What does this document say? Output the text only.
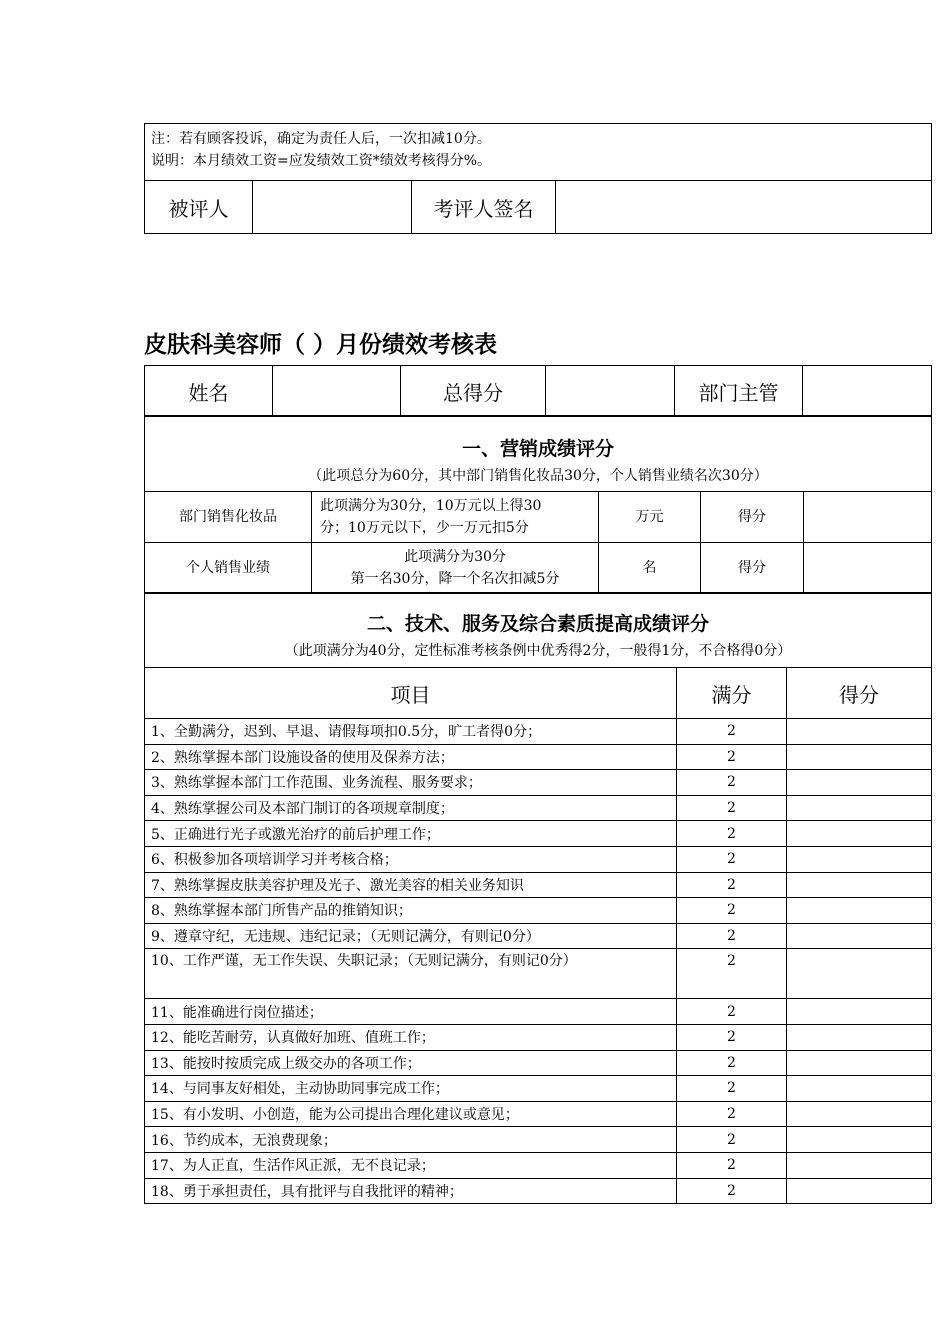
注：若有顾客投诉，确定为责任人后，一次扣减10分。
说明：本月绩效工资=应发绩效工资*绩效考核得分%。

被评人		考评人签名	
皮肤科美容师（ ）月份绩效考核表
姓名		总得分		部门主管	
一、营销成绩评分
（此项总分为60分，其中部门销售化妆品30分，个人销售业绩名次30分）				

部门销售化妆品	此项满分为30分，10万元以上得30
分；10万元以下，少一万元扣5分	万元	得分	
个人销售业绩	此项满分为30分
第一名30分，降一个名次扣减5分	名	得分	
二、技术、服务及综合素质提高成绩评分
（此项满分为40分，定性标准考核条例中优秀得2分，一般得1分，不合格得0分）		

项目	满分	得分
1、全勤满分，迟到、早退、请假每项扣0.5分，旷工者得0分；	2	
2、熟练掌握本部门设施设备的使用及保养方法；	2	
3、熟练掌握本部门工作范围、业务流程、服务要求；	2	
4、熟练掌握公司及本部门制订的各项规章制度；	2	
5、正确进行光子或激光治疗的前后护理工作；	2	
6、积极参加各项培训学习并考核合格；	2	
7、熟练掌握皮肤美容护理及光子、激光美容的相关业务知识	2	
8、熟练掌握本部门所售产品的推销知识；	2	
9、遵章守纪，无违规、违纪记录；（无则记满分，有则记0分）	2	
10、工作严谨，无工作失误、失职记录；（无则记满分，有则记0分）	2	
11、能准确进行岗位描述；	2	
12、能吃苦耐劳，认真做好加班、值班工作；	2	
13、能按时按质完成上级交办的各项工作；	2	
14、与同事友好相处，主动协助同事完成工作；	2	
15、有小发明、小创造，能为公司提出合理化建议或意见；	2	
16、节约成本，无浪费现象；	2	
17、为人正直，生活作风正派，无不良记录；	2	
18、勇于承担责任，具有批评与自我批评的精神；	2	
